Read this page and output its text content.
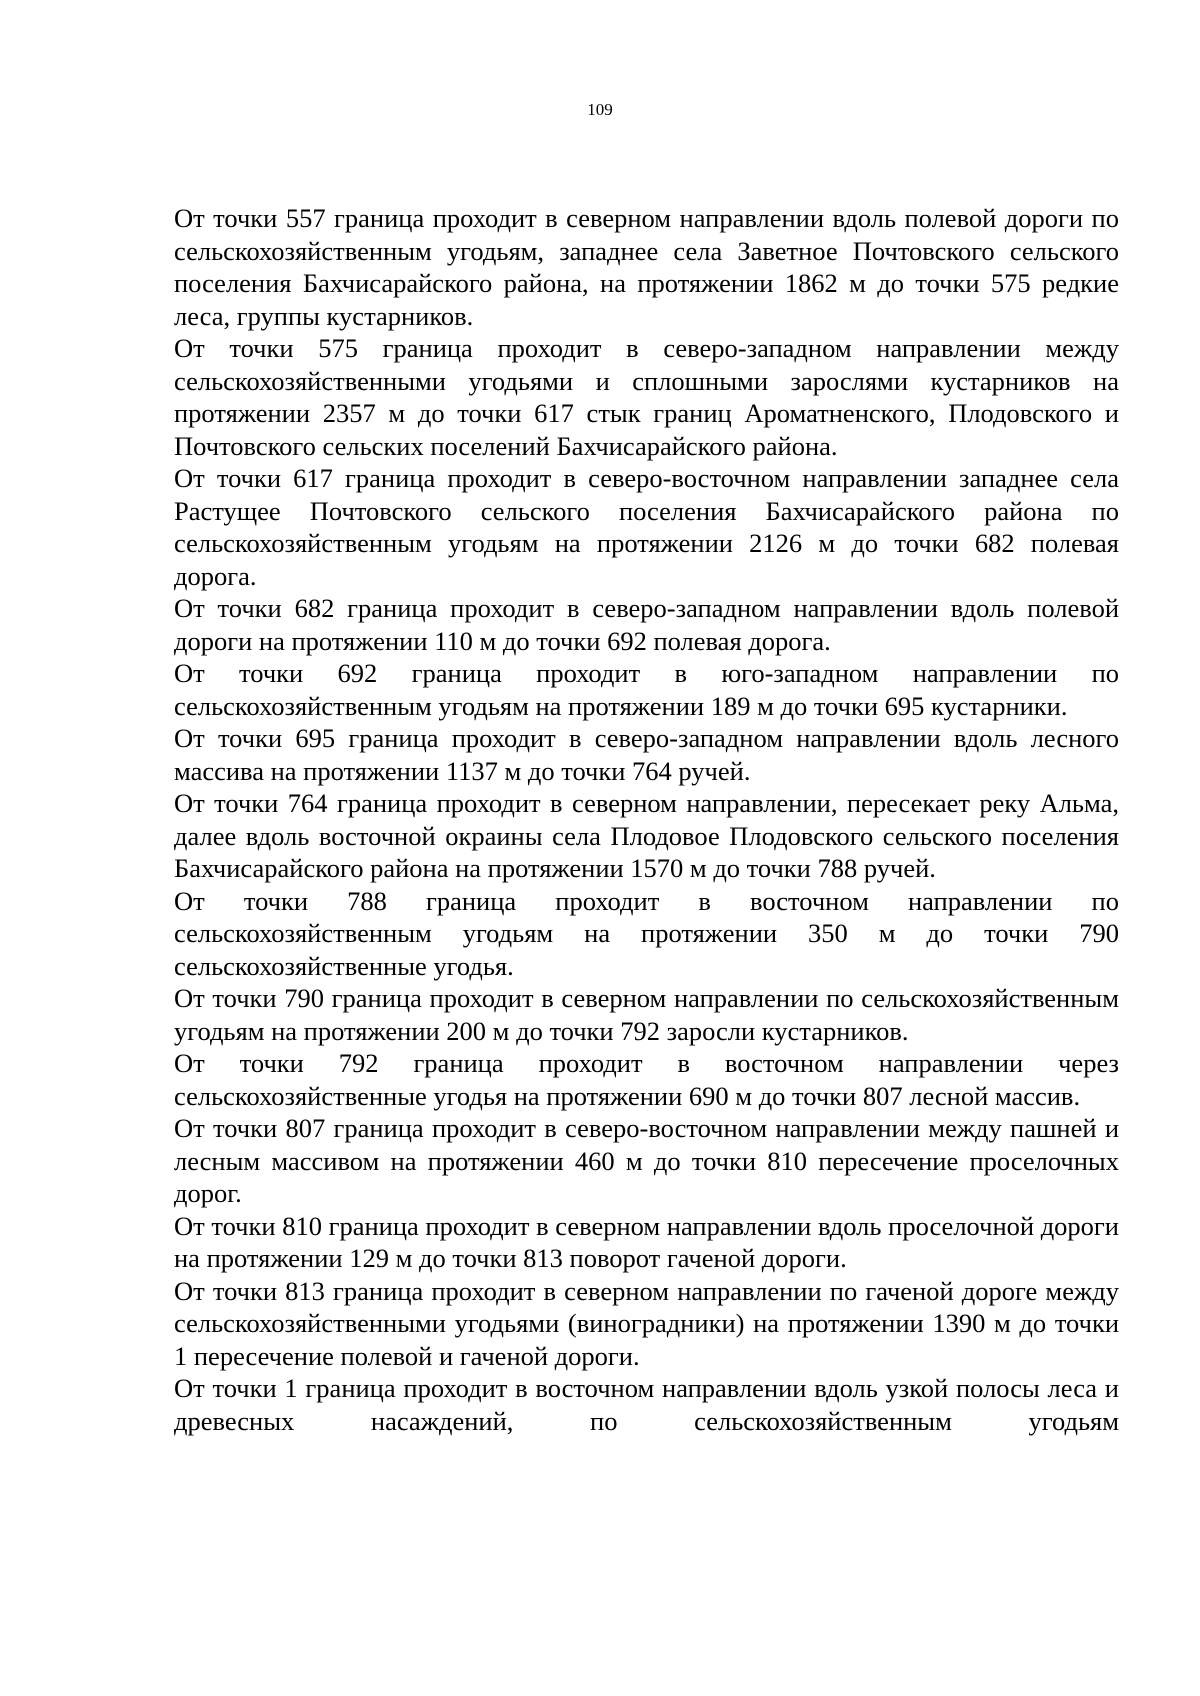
109

От точки 557 граница проходит в северном направлении вдоль полевой дороги по сельскохозяйственным угодьям, западнее села Заветное Почтовского сельского поселения Бахчисарайского района, на протяжении 1862 м до точки 575 редкие леса, группы кустарников.

От точки 575 граница проходит в северо-западном направлении между сельскохозяйственными угодьями и сплошными зарослями кустарников на протяжении 2357 м до точки 617 стык границ Ароматненского, Плодовского и Почтовского сельских поселений Бахчисарайского района.

От точки 617 граница проходит в северо-восточном направлении западнее села Растущее Почтовского сельского поселения Бахчисарайского района по сельскохозяйственным угодьям на протяжении 2126 м до точки 682 полевая дорога.

От точки 682 граница проходит в северо-западном направлении вдоль полевой дороги на протяжении 110 м до точки 692 полевая дорога.

От точки 692 граница проходит в юго-западном направлении по сельскохозяйственным угодьям на протяжении 189 м до точки 695 кустарники.

От точки 695 граница проходит в северо-западном направлении вдоль лесного массива на протяжении 1137 м до точки 764 ручей.

От точки 764 граница проходит в северном направлении, пересекает реку Альма, далее вдоль восточной окраины села Плодовое Плодовского сельского поселения Бахчисарайского района на протяжении 1570 м до точки 788 ручей.

От точки 788 граница проходит в восточном направлении по сельскохозяйственным угодьям на протяжении 350 м до точки 790 сельскохозяйственные угодья.

От точки 790 граница проходит в северном направлении по сельскохозяйственным угодьям на протяжении 200 м до точки 792 заросли кустарников.

От точки 792 граница проходит в восточном направлении через сельскохозяйственные угодья на протяжении 690 м до точки 807 лесной массив.

От точки 807 граница проходит в северо-восточном направлении между пашней и лесным массивом на протяжении 460 м до точки 810 пересечение проселочных дорог.

От точки 810 граница проходит в северном направлении вдоль проселочной дороги на протяжении 129 м до точки 813 поворот гаченой дороги.

От точки 813 граница проходит в северном направлении по гаченой дороге между сельскохозяйственными угодьями (виноградники) на протяжении 1390 м до точки 1 пересечение полевой и гаченой дороги.

От точки 1 граница проходит в восточном направлении вдоль узкой полосы леса и древесных насаждений, по сельскохозяйственным угодьям
